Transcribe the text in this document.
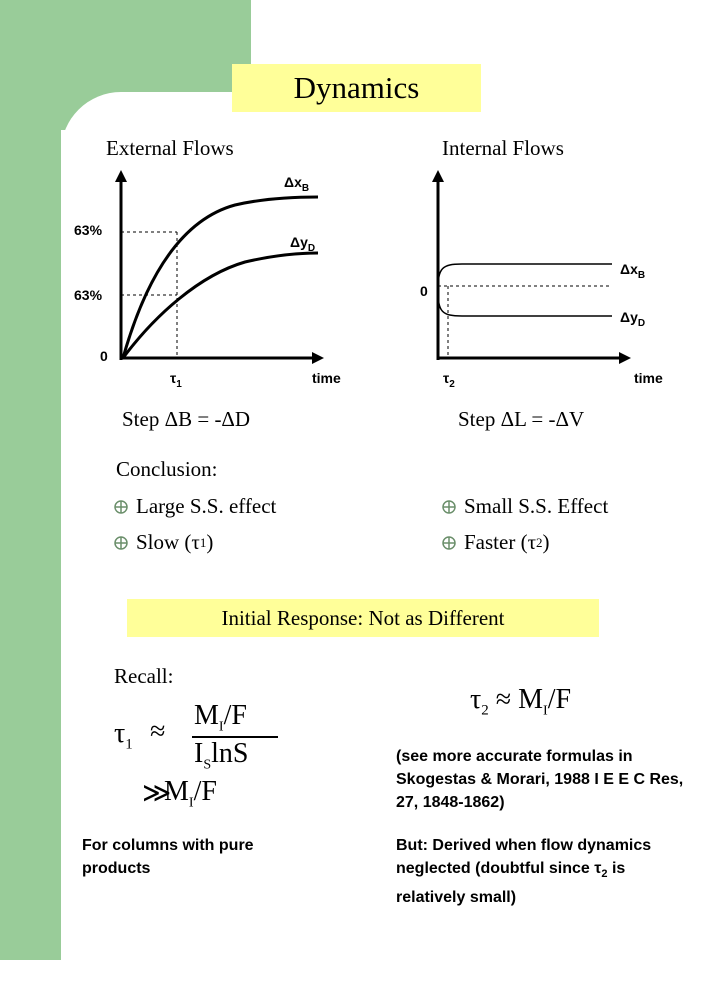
Dynamics
External Flows
63%
63%
0
$\tau_1$	time
$\Delta x_B$
$\Delta y_D$
Step ΔB = -ΔD
Internal Flows
0
$\tau_2$	time
$\Delta x_B$
$\Delta y_D$
Step ΔL = -ΔV
Conclusion:
Large S.S. effect
Slow (τ 1 )
Small S.S. Effect
Faster (τ 2 )
Initial Response: Not as Different
Recall:
$\tau_1$ ≈
$M_I/F$
$I_S\ln S$
≫
$M_I/F$
$\tau_2 \approx M_I/F$
(see more accurate formulas in Skogestas & Morari, 1988 I E E C Res, 27, 1848-1862)
But: Derived when flow dynamics neglected (doubtful since $\tau_2$ is relatively small)
For columns with pure products
